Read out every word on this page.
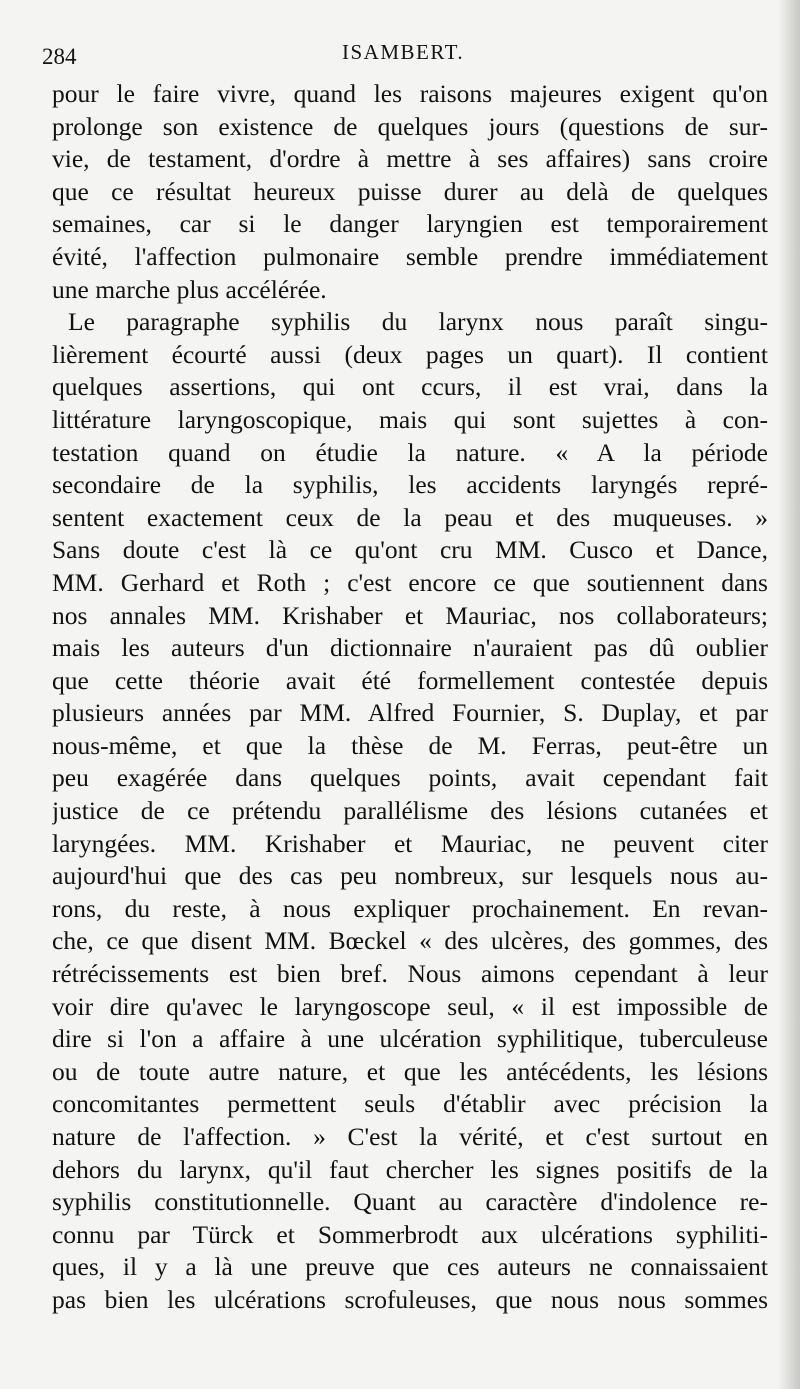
284	ISAMBERT.
pour le faire vivre, quand les raisons majeures exigent qu'on
prolonge son existence de quelques jours (questions de sur-
vie, de testament, d'ordre à mettre à ses affaires) sans croire
que ce résultat heureux puisse durer au delà de quelques
semaines, car si le danger laryngien est temporairement
évité, l'affection pulmonaire semble prendre immédiatement
une marche plus accélérée.
Le paragraphe syphilis du larynx nous paraît singu-
lièrement écourté aussi (deux pages un quart). Il contient
quelques assertions, qui ont ccurs, il est vrai, dans la
littérature laryngoscopique, mais qui sont sujettes à con-
testation quand on étudie la nature. « A la période
secondaire de la syphilis, les accidents laryngés repré-
sentent exactement ceux de la peau et des muqueuses. »
Sans doute c'est là ce qu'ont cru MM. Cusco et Dance,
MM. Gerhard et Roth ; c'est encore ce que soutiennent dans
nos annales MM. Krishaber et Mauriac, nos collaborateurs;
mais les auteurs d'un dictionnaire n'auraient pas dû oublier
que cette théorie avait été formellement contestée depuis
plusieurs années par MM. Alfred Fournier, S. Duplay, et par
nous-même, et que la thèse de M. Ferras, peut-être un
peu exagérée dans quelques points, avait cependant fait
justice de ce prétendu parallélisme des lésions cutanées et
laryngées. MM. Krishaber et Mauriac, ne peuvent citer
aujourd'hui que des cas peu nombreux, sur lesquels nous au-
rons, du reste, à nous expliquer prochainement. En revan-
che, ce que disent MM. Bœckel « des ulcères, des gommes, des
rétrécissements est bien bref. Nous aimons cependant à leur
voir dire qu'avec le laryngoscope seul, « il est impossible de
dire si l'on a affaire à une ulcération syphilitique, tuberculeuse
ou de toute autre nature, et que les antécédents, les lésions
concomitantes permettent seuls d'établir avec précision la
nature de l'affection. » C'est la vérité, et c'est surtout en
dehors du larynx, qu'il faut chercher les signes positifs de la
syphilis constitutionnelle. Quant au caractère d'indolence re-
connu par Türck et Sommerbrodt aux ulcérations syphiliti-
ques, il y a là une preuve que ces auteurs ne connaissaient
pas bien les ulcérations scrofuleuses, que nous nous sommes
